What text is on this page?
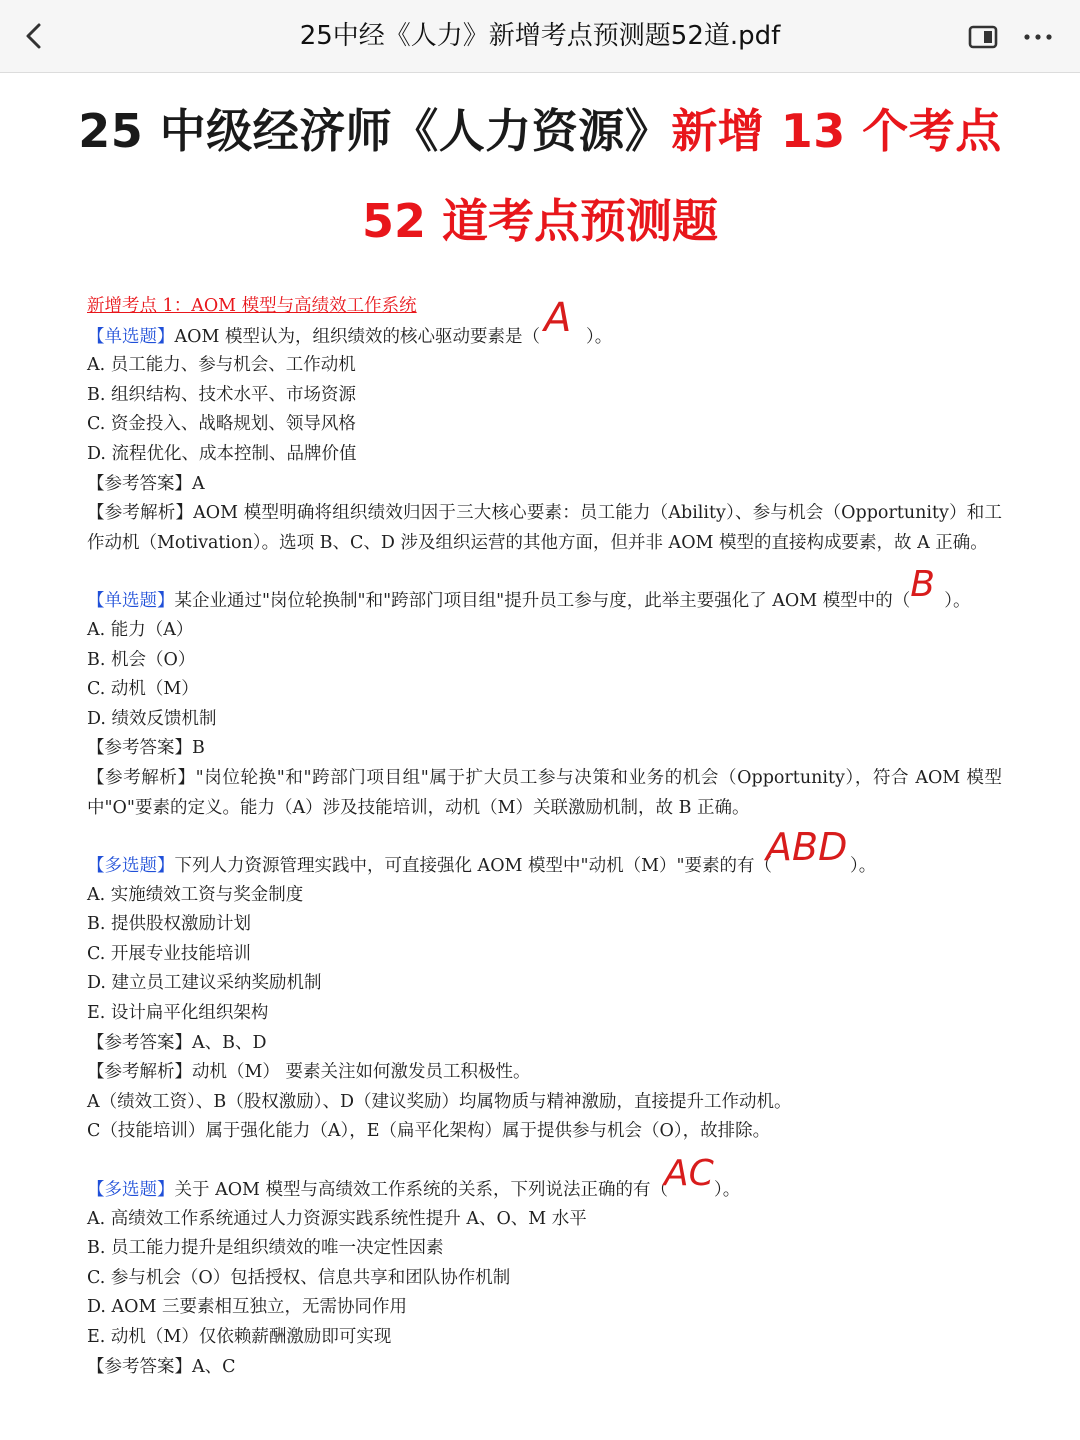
25中经《人力》新增考点预测题52道.pdf
25 中级经济师《人力资源》新增 13 个考点
52 道考点预测题
新增考点 1：AOM 模型与高绩效工作系统
【单选题】AOM 模型认为，组织绩效的核心驱动要素是（ A ）。
A. 员工能力、参与机会、工作动机
B. 组织结构、技术水平、市场资源
C. 资金投入、战略规划、领导风格
D. 流程优化、成本控制、品牌价值
【参考答案】A
【参考解析】AOM 模型明确将组织绩效归因于三大核心要素：员工能力（Ability）、参与机会（Opportunity）和工作动机（Motivation）。选项 B、C、D 涉及组织运营的其他方面，但并非 AOM 模型的直接构成要素，故 A 正确。
【单选题】某企业通过"岗位轮换制"和"跨部门项目组"提升员工参与度，此举主要强化了 AOM 模型中的（ B ）。
A. 能力（A）
B. 机会（O）
C. 动机（M）
D. 绩效反馈机制
【参考答案】B
【参考解析】"岗位轮换"和"跨部门项目组"属于扩大员工参与决策和业务的机会（Opportunity），符合 AOM 模型中"O"要素的定义。能力（A）涉及技能培训，动机（M）关联激励机制，故 B 正确。
【多选题】下列人力资源管理实践中，可直接强化 AOM 模型中"动机（M）"要素的有（
ABD ）。
A. 实施绩效工资与奖金制度
B. 提供股权激励计划
C. 开展专业技能培训
D. 建立员工建议采纳奖励机制
E. 设计扁平化组织架构
【参考答案】A、B、D
【参考解析】动机（M） 要素关注如何激发员工积极性。
A（绩效工资）、B（股权激励）、D（建议奖励）均属物质与精神激励，直接提升工作动机。
C（技能培训）属于强化能力（A），E（扁平化架构）属于提供参与机会（O），故排除。
【多选题】关于 AOM 模型与高绩效工作系统的关系，下列说法正确的有（
AC ）。
A. 高绩效工作系统通过人力资源实践系统性提升 A、O、M 水平
B. 员工能力提升是组织绩效的唯一决定性因素
C. 参与机会（O）包括授权、信息共享和团队协作机制
D. AOM 三要素相互独立，无需协同作用
E. 动机（M）仅依赖薪酬激励即可实现
【参考答案】A、C
